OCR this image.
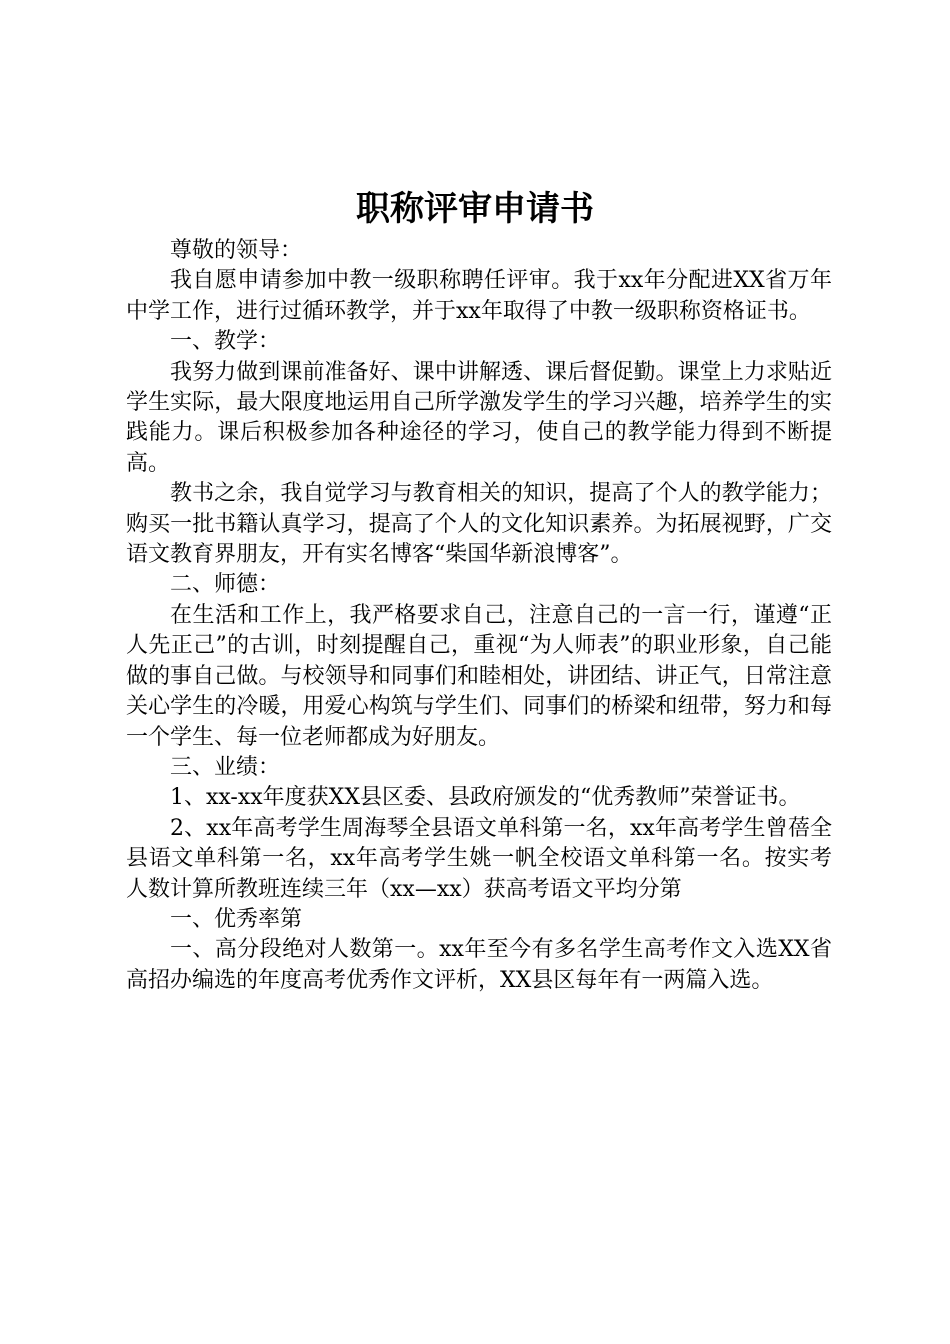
职称评审申请书

尊敬的领导：

我自愿申请参加中教一级职称聘任评审。我于xx年分配进XX省万年中学工作，进行过循环教学，并于xx年取得了中教一级职称资格证书。

一、教学：

我努力做到课前准备好、课中讲解透、课后督促勤。课堂上力求贴近学生实际，最大限度地运用自己所学激发学生的学习兴趣，培养学生的实践能力。课后积极参加各种途径的学习，使自己的教学能力得到不断提高。

教书之余，我自觉学习与教育相关的知识，提高了个人的教学能力；购买一批书籍认真学习，提高了个人的文化知识素养。为拓展视野，广交语文教育界朋友，开有实名博客“柴国华新浪博客”。

二、师德：

在生活和工作上，我严格要求自己，注意自己的一言一行，谨遵“正人先正己”的古训，时刻提醒自己，重视“为人师表”的职业形象，自己能做的事自己做。与校领导和同事们和睦相处，讲团结、讲正气，日常注意关心学生的冷暖，用爱心构筑与学生们、同事们的桥梁和纽带，努力和每一个学生、每一位老师都成为好朋友。

三、业绩：

1、xx-xx年度获XX县区委、县政府颁发的“优秀教师”荣誉证书。

2、xx年高考学生周海琴全县语文单科第一名，xx年高考学生曾蓓全县语文单科第一名，xx年高考学生姚一帆全校语文单科第一名。按实考人数计算所教班连续三年（xx—xx）获高考语文平均分第

一、优秀率第

一、高分段绝对人数第一。xx年至今有多名学生高考作文入选XX省高招办编选的年度高考优秀作文评析，XX县区每年有一两篇入选。
